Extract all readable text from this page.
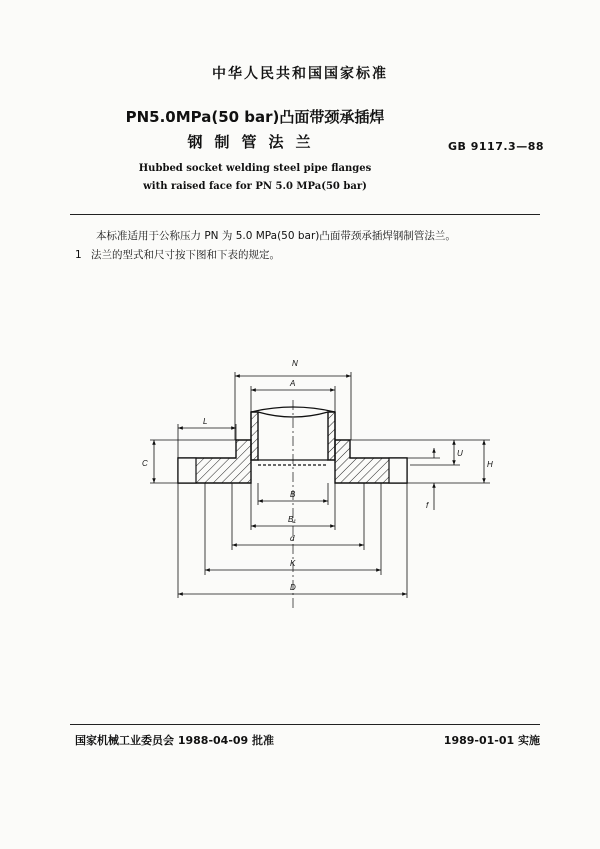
中华人民共和国国家标准
PN5.0MPa(50 bar)凸面带颈承插焊
钢制管法兰	GB 9117.3—88
Hubbed socket welding steel pipe flanges
with raised face for PN 5.0 MPa(50 bar)
本标准适用于公称压力 PN 为 5.0 MPa(50 bar)凸面带颈承插焊钢制管法兰。
1 法兰的型式和尺寸按下图和下表的规定。
N
A
L
C
U
H
f
B
B₁
d
K
D
国家机械工业委员会 1988-04-09 批准	1989-01-01 实施
